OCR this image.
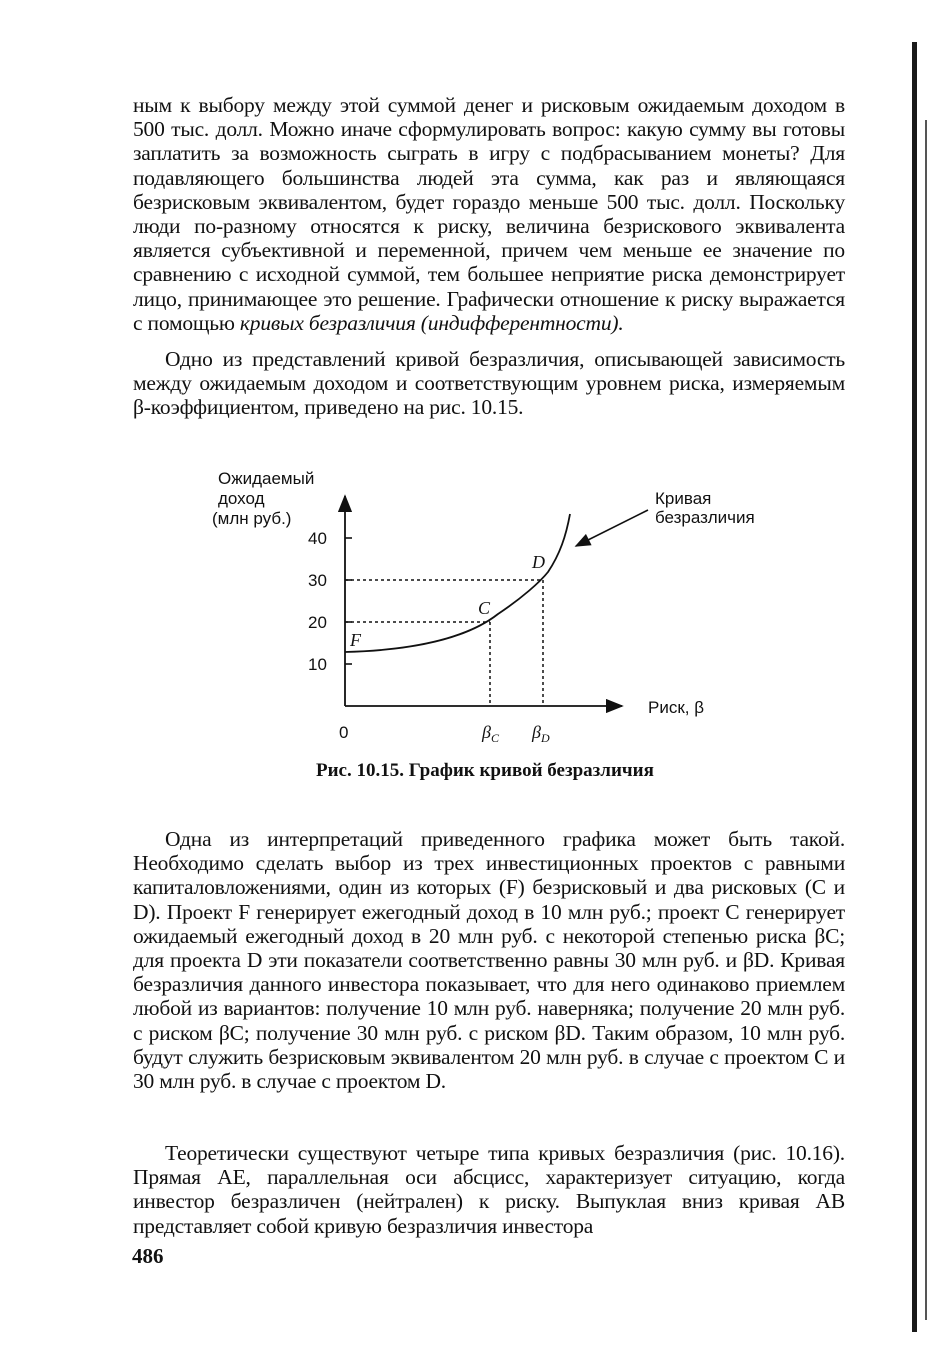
ным к выбору между этой суммой денег и рисковым ожидаемым доходом в 500 тыс. долл. Можно иначе сформулировать вопрос: какую сумму вы готовы заплатить за возможность сыграть в игру с подбрасыванием монеты? Для подавляющего большинства людей эта сумма, как раз и являющаяся безрисковым эквивалентом, будет гораздо меньше 500 тыс. долл. Поскольку люди по-разному относятся к риску, величина безрискового эквивалента является субъективной и переменной, причем чем меньше ее значение по сравнению с исходной суммой, тем большее неприятие риска демонстрирует лицо, принимающее это решение. Графически отношение к риску выражается с помощью кривых безразличия (индифферентности).

Одно из представлений кривой безразличия, описывающей зависимость между ожидаемым доходом и соответствующим уровнем риска, измеряемым β-коэффициентом, приведено на рис. 10.15.

Ожидаемый
доход
(млн руб.)
40
30
20
10
0
F
C
D
$\beta_C$ $\beta_D$
Риск, β
Кривая
безразличия

Рис. 10.15. График кривой безразличия

Одна из интерпретаций приведенного графика может быть такой. Необходимо сделать выбор из трех инвестиционных проектов с равными капиталовложениями, один из которых (F) безрисковый и два рисковых (C и D). Проект F генерирует ежегодный доход в 10 млн руб.; проект C генерирует ожидаемый ежегодный доход в 20 млн руб. с некоторой степенью риска βC; для проекта D эти показатели соответственно равны 30 млн руб. и βD. Кривая безразличия данного инвестора показывает, что для него одинаково приемлем любой из вариантов: получение 10 млн руб. наверняка; получение 20 млн руб. с риском βC; получение 30 млн руб. с риском βD. Таким образом, 10 млн руб. будут служить безрисковым эквивалентом 20 млн руб. в случае с проектом C и 30 млн руб. в случае с проектом D.

Теоретически существуют четыре типа кривых безразличия (рис. 10.16). Прямая AE, параллельная оси абсцисс, характеризует ситуацию, когда инвестор безразличен (нейтрален) к риску. Выпуклая вниз кривая AB представляет собой кривую безразличия инвестора

486
